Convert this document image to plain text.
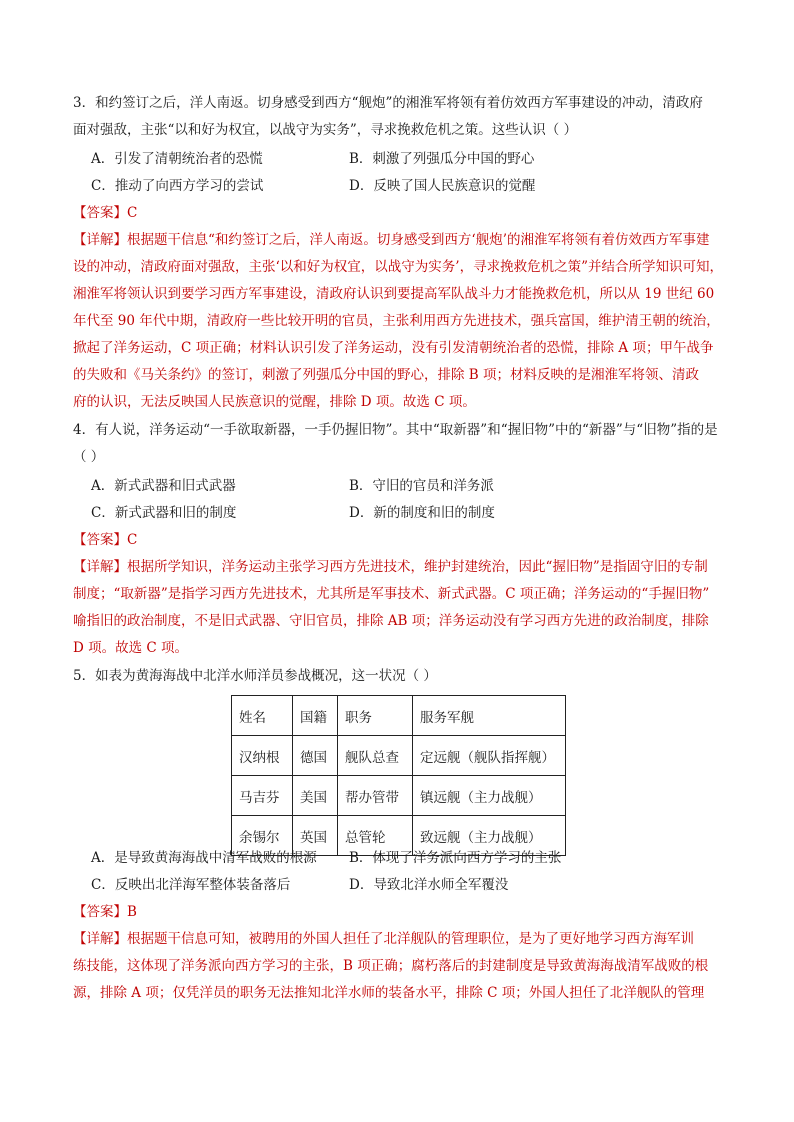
3．和约签订之后，洋人南返。切身感受到西方“舰炮”的湘淮军将领有着仿效西方军事建设的冲动，清政府
面对强敌，主张“以和好为权宜，以战守为实务”，寻求挽救危机之策。这些认识（ ）
A．引发了清朝统治者的恐慌	B．刺激了列强瓜分中国的野心
C．推动了向西方学习的尝试	D．反映了国人民族意识的觉醒
【答案】C
【详解】根据题干信息“和约签订之后，洋人南返。切身感受到西方‘舰炮’的湘淮军将领有着仿效西方军事建
设的冲动，清政府面对强敌，主张‘以和好为权宜，以战守为实务’，寻求挽救危机之策”并结合所学知识可知，
湘淮军将领认识到要学习西方军事建设，清政府认识到要提高军队战斗力才能挽救危机，所以从 19 世纪 60
年代至 90 年代中期，清政府一些比较开明的官员，主张利用西方先进技术，强兵富国，维护清王朝的统治，
掀起了洋务运动，C 项正确；材料认识引发了洋务运动，没有引发清朝统治者的恐慌，排除 A 项；甲午战争
的失败和《马关条约》的签订，刺激了列强瓜分中国的野心，排除 B 项；材料反映的是湘淮军将领、清政
府的认识，无法反映国人民族意识的觉醒，排除 D 项。故选 C 项。
4．有人说，洋务运动“一手欲取新器，一手仍握旧物”。其中“取新器”和“握旧物”中的“新器”与“旧物”指的是
（ ）
A．新式武器和旧式武器	B．守旧的官员和洋务派
C．新式武器和旧的制度	D．新的制度和旧的制度
【答案】C
【详解】根据所学知识，洋务运动主张学习西方先进技术，维护封建统治，因此“握旧物”是指固守旧的专制
制度；“取新器”是指学习西方先进技术，尤其所是军事技术、新式武器。C 项正确；洋务运动的“手握旧物”
喻指旧的政治制度，不是旧式武器、守旧官员，排除 AB 项；洋务运动没有学习西方先进的政治制度，排除
D 项。故选 C 项。
5．如表为黄海海战中北洋水师洋员参战概况，这一状况（ ）
姓名	国籍	职务	服务军舰
汉纳根	德国	舰队总查	定远舰（舰队指挥舰）
马吉芬	美国	帮办管带	镇远舰（主力战舰）
余锡尔	英国	总管轮	致远舰（主力战舰）
A．是导致黄海海战中清军战败的根源 B．体现了洋务派向西方学习的主张
C．反映出北洋海军整体装备落后	D．导致北洋水师全军覆没
【答案】B
【详解】根据题干信息可知，被聘用的外国人担任了北洋舰队的管理职位，是为了更好地学习西方海军训
练技能，这体现了洋务派向西方学习的主张，B 项正确；腐朽落后的封建制度是导致黄海海战清军战败的根
源，排除 A 项；仅凭洋员的职务无法推知北洋水师的装备水平，排除 C 项；外国人担任了北洋舰队的管理
